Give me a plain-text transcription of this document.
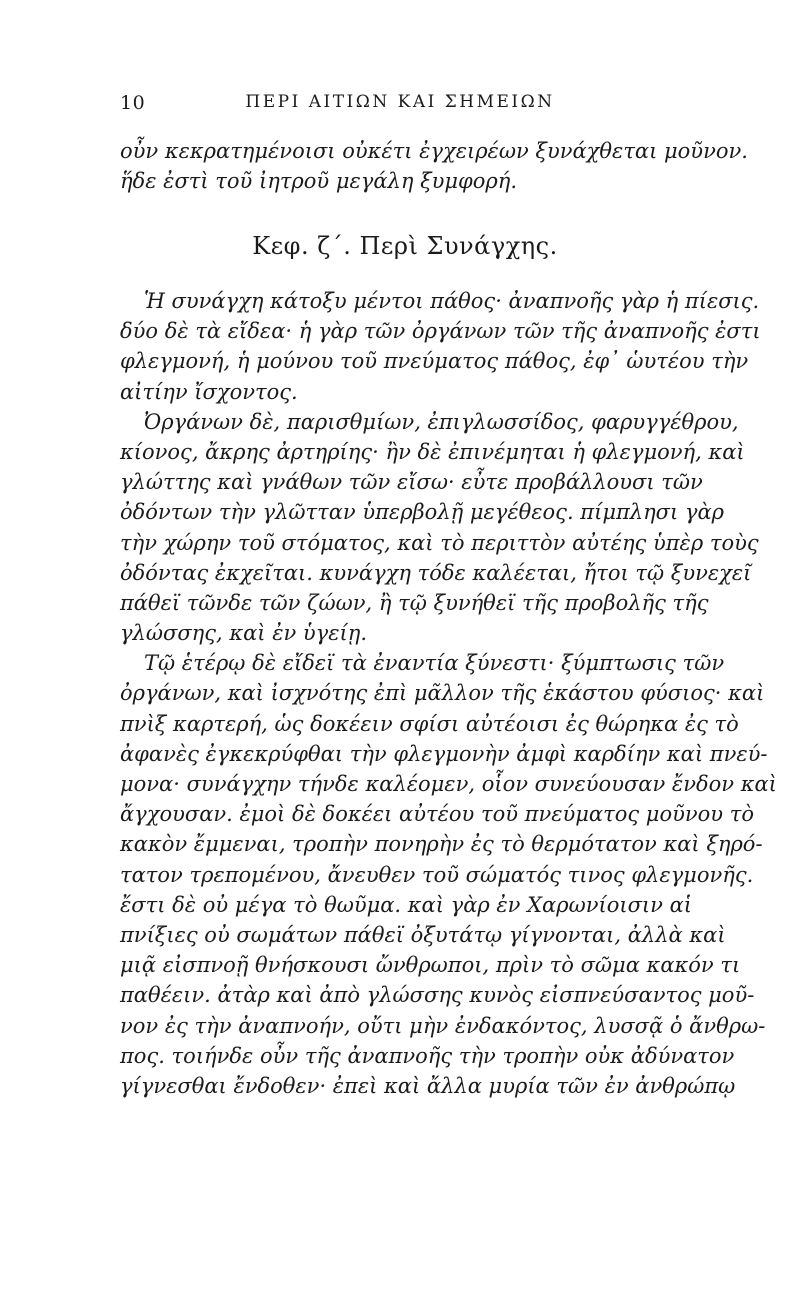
10	ΠΕΡΙ ΑΙΤΙΩΝ ΚΑΙ ΣΗΜΕΙΩΝ
οὖν κεκρατημένοισι οὐκέτι ἐγχειρέων ξυνάχθεται μοῦνον.
ἥδε ἐστὶ τοῦ ἰητροῦ μεγάλη ξυμφορή.
Κεφ. ζ΄. Περὶ Συνάγχης.
Ἡ συνάγχη κάτοξυ μέντοι πάθος· ἀναπνοῆς γὰρ ἡ πίεσις.
δύο δὲ τὰ εἴδεα· ἡ γὰρ τῶν ὀργάνων τῶν τῆς ἀναπνοῆς ἐστι
φλεγμονή, ἡ μούνου τοῦ πνεύματος πάθος, ἐφ᾽ ὡυτέου τὴν
αἰτίην ἴσχοντος.
Ὀργάνων δὲ, παρισθμίων, ἐπιγλωσσίδος, φαρυγγέθρου,
κίονος, ἄκρης ἀρτηρίης· ἢν δὲ ἐπινέμηται ἡ φλεγμονή, καὶ
γλώττης καὶ γνάθων τῶν εἴσω· εὖτε προβάλλουσι τῶν
ὀδόντων τὴν γλῶτταν ὑπερβολῇ μεγέθεος. πίμπλησι γὰρ
τὴν χώρην τοῦ στόματος, καὶ τὸ περιττὸν αὐτέης ὑπὲρ τοὺς
ὀδόντας ἐκχεῖται. κυνάγχη τόδε καλέεται, ἤτοι τῷ ξυνεχεῖ
πάθεϊ τῶνδε τῶν ζώων, ἢ τῷ ξυνήθεϊ τῆς προβολῆς τῆς
γλώσσης, καὶ ἐν ὑγείῃ.
Τῷ ἑτέρῳ δὲ εἴδεϊ τὰ ἐναντία ξύνεστι· ξύμπτωσις τῶν
ὀργάνων, καὶ ἰσχνότης ἐπὶ μᾶλλον τῆς ἑκάστου φύσιος· καὶ
πνὶξ καρτερή, ὡς δοκέειν σφίσι αὐτέοισι ἐς θώρηκα ἐς τὸ
ἀφανὲς ἐγκεκρύφθαι τὴν φλεγμονὴν ἀμφὶ καρδίην καὶ πνεύ-
μονα· συνάγχην τήνδε καλέομεν, οἷον συνεύουσαν ἔνδον καὶ
ἄγχουσαν. ἐμοὶ δὲ δοκέει αὐτέου τοῦ πνεύματος μοῦνου τὸ
κακὸν ἔμμεναι, τροπὴν πονηρὴν ἐς τὸ θερμότατον καὶ ξηρό-
τατον τρεπομένου, ἄνευθεν τοῦ σώματός τινος φλεγμονῆς.
ἔστι δὲ οὐ μέγα τὸ θωῦμα. καὶ γὰρ ἐν Χαρωνίοισιν αἱ
πνίξιες οὐ σωμάτων πάθεϊ ὀξυτάτῳ γίγνονται, ἀλλὰ καὶ
μιᾷ εἰσπνοῇ θνήσκουσι ὤνθρωποι, πρὶν τὸ σῶμα κακόν τι
παθέειν. ἀτὰρ καὶ ἀπὸ γλώσσης κυνὸς εἰσπνεύσαντος μοῦ-
νον ἐς τὴν ἀναπνοήν, οὔτι μὴν ἐνδακόντος, λυσσᾷ ὁ ἄνθρω-
πος. τοιήνδε οὖν τῆς ἀναπνοῆς τὴν τροπὴν οὐκ ἀδύνατον
γίγνεσθαι ἔνδοθεν· ἐπεὶ καὶ ἄλλα μυρία τῶν ἐν ἀνθρώπῳ
